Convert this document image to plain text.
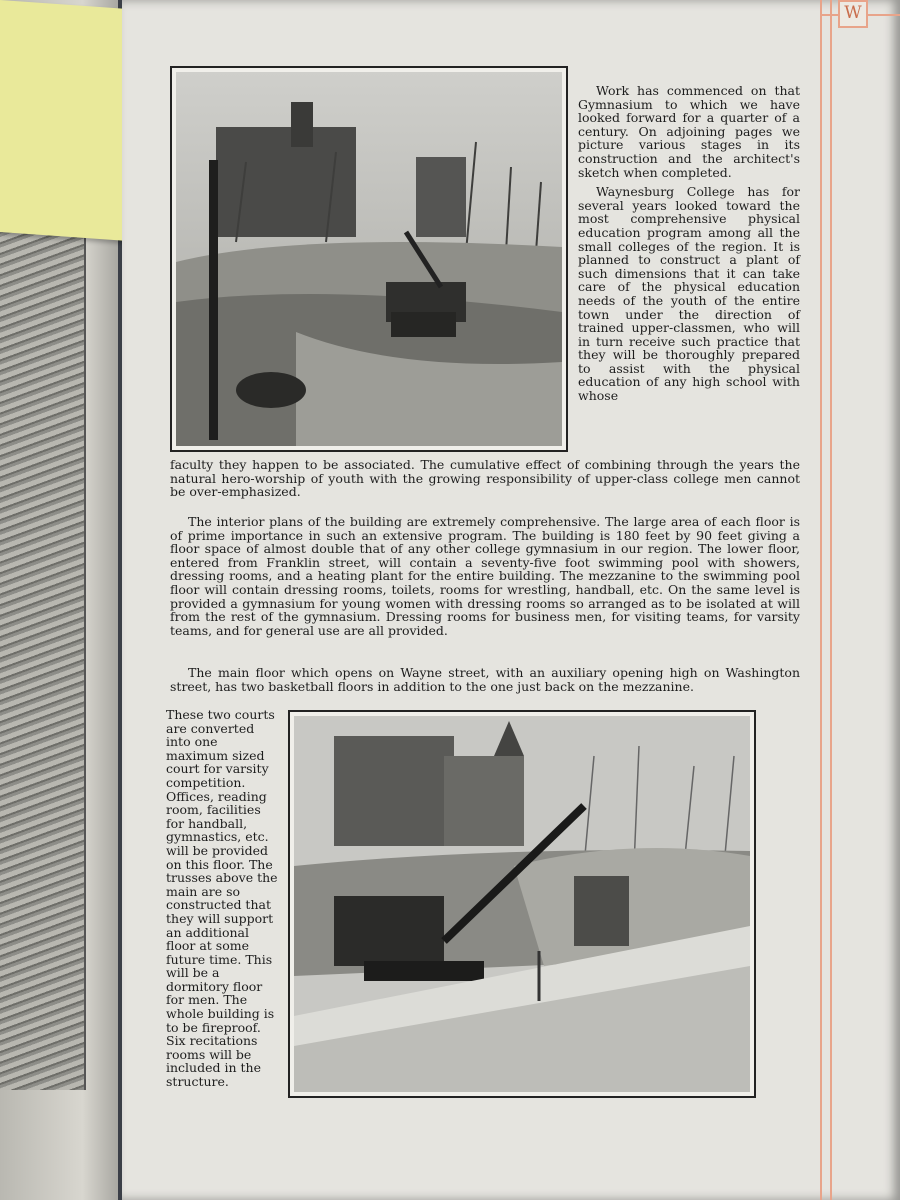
W

Work has commenced on that Gymnasium to which we have looked forward for a quarter of a century. On adjoining pages we picture various stages in its construction and the architect's sketch when completed.
Waynesburg College has for several years looked toward the most comprehensive physical education program among all the small colleges of the region. It is planned to construct a plant of such dimensions that it can take care of the physical education needs of the youth of the entire town under the direction of trained upper-classmen, who will in turn receive such practice that they will be thoroughly prepared to assist with the physical education of any high school with whose

faculty they happen to be associated. The cumulative effect of combining through the years the natural hero-worship of youth with the growing responsibility of upper-class college men cannot be over-emphasized.

The interior plans of the building are extremely comprehensive. The large area of each floor is of prime importance in such an extensive program. The building is 180 feet by 90 feet giving a floor space of almost double that of any other college gymnasium in our region. The lower floor, entered from Franklin street, will contain a seventy-five foot swimming pool with showers, dressing rooms, and a heating plant for the entire building. The mezzanine to the swimming pool floor will contain dressing rooms, toilets, rooms for wrestling, handball, etc. On the same level is provided a gymnasium for young women with dressing rooms so arranged as to be isolated at will from the rest of the gymnasium. Dressing rooms for business men, for visiting teams, for varsity teams, and for general use are all provided.

The main floor which opens on Wayne street, with an auxiliary opening high on Washington street, has two basketball floors in addition to the one just back on the mezzanine.

These two courts are converted into one maximum sized court for varsity competition. Offices, reading room, facilities for handball, gymnastics, etc. will be provided on this floor. The trusses above the main are so constructed that they will support an additional floor at some future time. This will be a dormitory floor for men. The whole building is to be fireproof. Six recitations rooms will be included in the structure.
